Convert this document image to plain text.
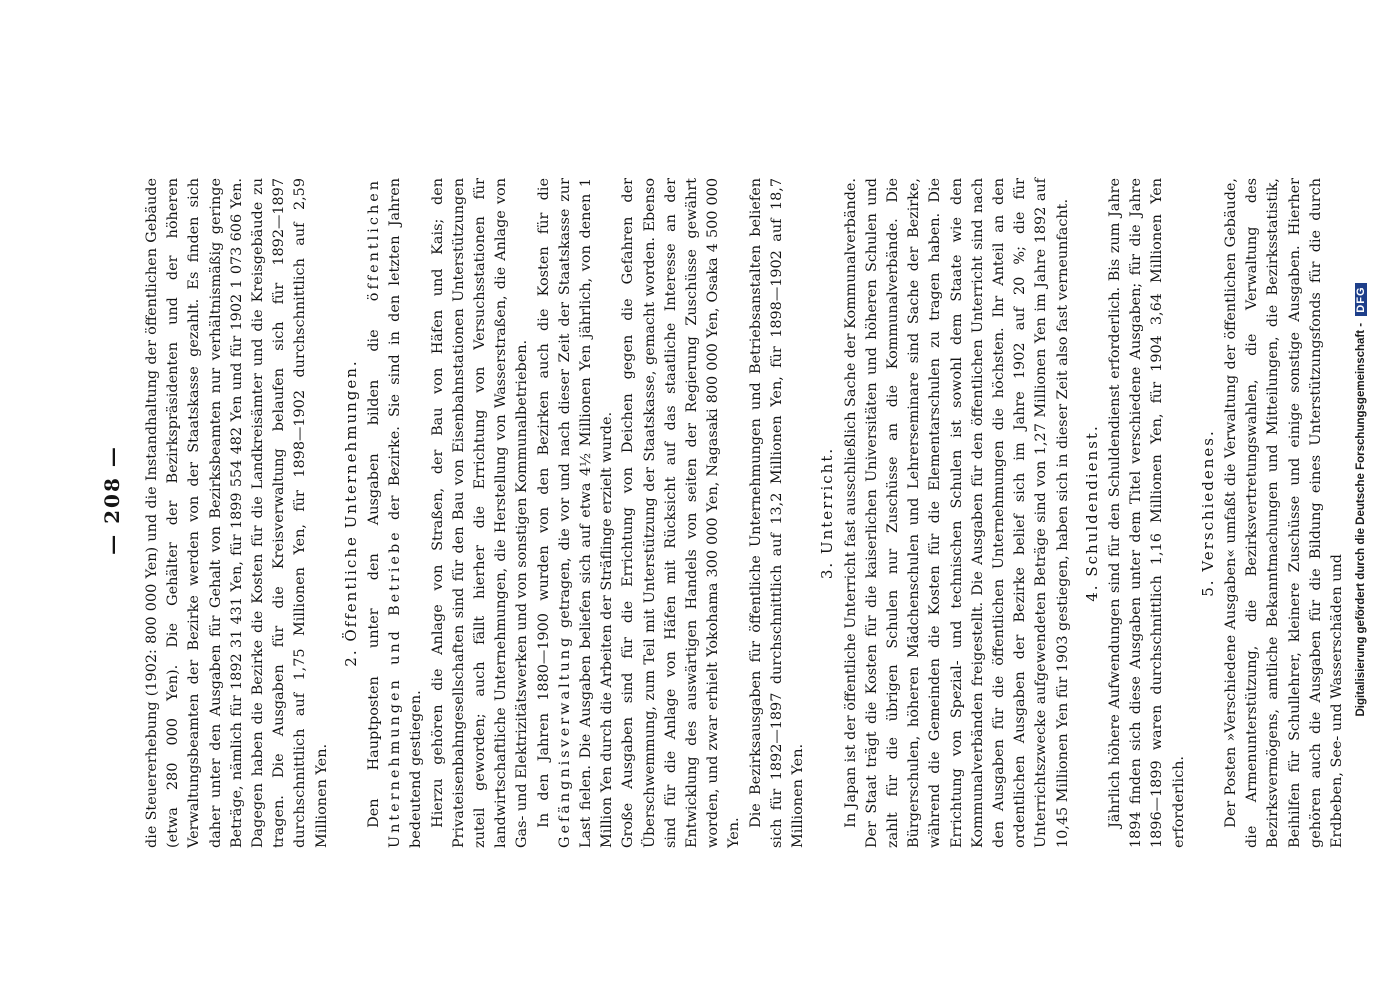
— 208 — die Steuererhebung (1902: 800 000 Yen) und die Instandhaltung der öffentlichen Gebäude (etwa 280 000 Yen). Die Gehälter der Bezirkspräsidenten und der höheren Verwaltungsbeamten der Bezirke werden von der Staatskasse gezahlt. Es finden sich daher unter den Ausgaben für Gehalt von Bezirksbeamten nur verhältnismäßig geringe Beträge, nämlich für 1892 31 431 Yen, für 1899 554 482 Yen und für 1902 1 073 606 Yen. Dagegen haben die Bezirke die Kosten für die Landkreisämter und die Kreisgebäude zu tragen. Die Ausgaben für die Kreisverwaltung belaufen sich für 1892—1897 durchschnittlich auf 1,75 Millionen Yen, für 1898—1902 durchschnittlich auf 2,59 Millionen Yen.

2. Öffentliche Unternehmungen. Den Hauptposten unter den Ausgaben bilden die öffentlichen Unternehmungen und Betriebe der Bezirke. Sie sind in den letzten Jahren bedeutend gestiegen. Hierzu gehören die Anlage von Straßen, der Bau von Häfen und Kais; den Privateisenbahngesellschaften sind für den Bau von Eisenbahnstationen Unterstützungen zuteil geworden; auch fällt hierher die Errichtung von Versuchsstationen für landwirtschaftliche Unternehmungen, die Herstellung von Wasserstraßen, die Anlage von Gas- und Elektrizitätswerken und von sonstigen Kommunalbetrieben. In den Jahren 1880—1900 wurden von den Bezirken auch die Kosten für die Gefängnisverwaltung getragen, die vor und nach dieser Zeit der Staatskasse zur Last fielen. Die Ausgaben beliefen sich auf etwa 4½ Millionen Yen jährlich, von denen 1 Million Yen durch die Arbeiten der Sträflinge erzielt wurde. Große Ausgaben sind für die Errichtung von Deichen gegen die Gefahren der Überschwemmung, zum Teil mit Unterstützung der Staatskasse, gemacht worden. Ebenso sind für die Anlage von Häfen mit Rücksicht auf das staatliche Interesse an der Entwicklung des auswärtigen Handels von seiten der Regierung Zuschüsse gewährt worden, und zwar erhielt Yokohama 300 000 Yen, Nagasaki 800 000 Yen, Osaka 4 500 000 Yen.

Die Bezirksausgaben für öffentliche Unternehmungen und Betriebsanstalten beliefen sich für 1892—1897 durchschnittlich auf 13,2 Millionen Yen, für 1898—1902 auf 18,7 Millionen Yen.

3. Unterricht. In Japan ist der öffentliche Unterricht fast ausschließlich Sache der Kommunalverbände. Der Staat trägt die Kosten für die kaiserlichen Universitäten und höheren Schulen und zahlt für die übrigen Schulen nur Zuschüsse an die Kommunalverbände. Die Bürgerschulen, höheren Mädchenschulen und Lehrerseminare sind Sache der Bezirke, während die Gemeinden die Kosten für die Elementarschulen zu tragen haben. Die Errichtung von Spezial- und technischen Schulen ist sowohl dem Staate wie den Kommunalverbänden freigestellt. Die Ausgaben für den öffentlichen Unterricht sind nach den Ausgaben für die öffentlichen Unternehmungen die höchsten. Ihr Anteil an den ordentlichen Ausgaben der Bezirke belief sich im Jahre 1902 auf 20 %; die für Unterrichtszwecke aufgewendeten Beträge sind von 1,27 Millionen Yen im Jahre 1892 auf 10,45 Millionen Yen für 1903 gestiegen, haben sich in dieser Zeit also fast verneunfacht. 4. Schuldendienst. Jährlich höhere Aufwendungen sind für den Schuldendienst erforderlich. Bis zum Jahre 1894 finden sich diese Ausgaben unter dem Titel verschiedene Ausgaben; für die Jahre 1896—1899 waren durchschnittlich 1,16 Millionen Yen, für 1904 3,64 Millionen Yen erforderlich.

5. Verschiedenes. Der Posten »Verschiedene Ausgaben« umfaßt die Verwaltung der öffentlichen Gebäude, die Armenunterstützung, die Bezirksvertretungswahlen, die Verwaltung des Bezirksvermögens, amtliche Bekanntmachungen und Mitteilungen, die Bezirksstatistik, Beihilfen für Schullehrer, kleinere Zuschüsse und einige sonstige Ausgaben. Hierher gehören auch die Ausgaben für die Bildung eines Unterstützungsfonds für die durch Erdbeben, See- und Wasserschäden und Digitalisierung gefördert durch die Deutsche Forschungsgemeinschaft - DFG
